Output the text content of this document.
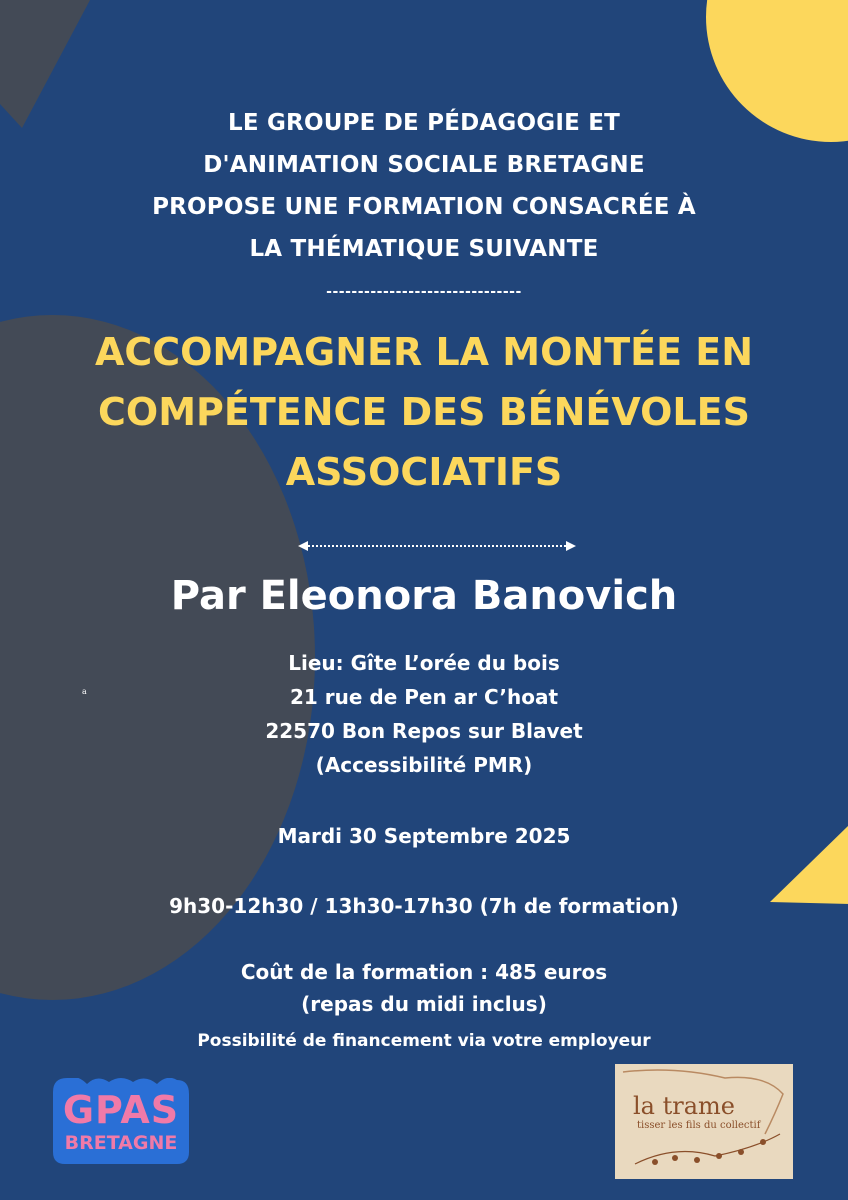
LE GROUPE DE PÉDAGOGIE ET
D'ANIMATION SOCIALE BRETAGNE
PROPOSE UNE FORMATION CONSACRÉE À
LA THÉMATIQUE SUIVANTE
-------------------------------
ACCOMPAGNER LA MONTÉE EN
COMPÉTENCE DES BÉNÉVOLES
ASSOCIATIFS
Par Eleonora Banovich
Lieu: Gîte L’orée du bois
21 rue de Pen ar C’hoat
22570 Bon Repos sur Blavet
(Accessibilité PMR)
a
Mardi 30 Septembre 2025
9h30-12h30 / 13h30-17h30 (7h de formation)
Coût de la formation : 485 euros
(repas du midi inclus)
Possibilité de financement via votre employeur
GPAS
BRETAGNE
la trame
tisser les fils du collectif
